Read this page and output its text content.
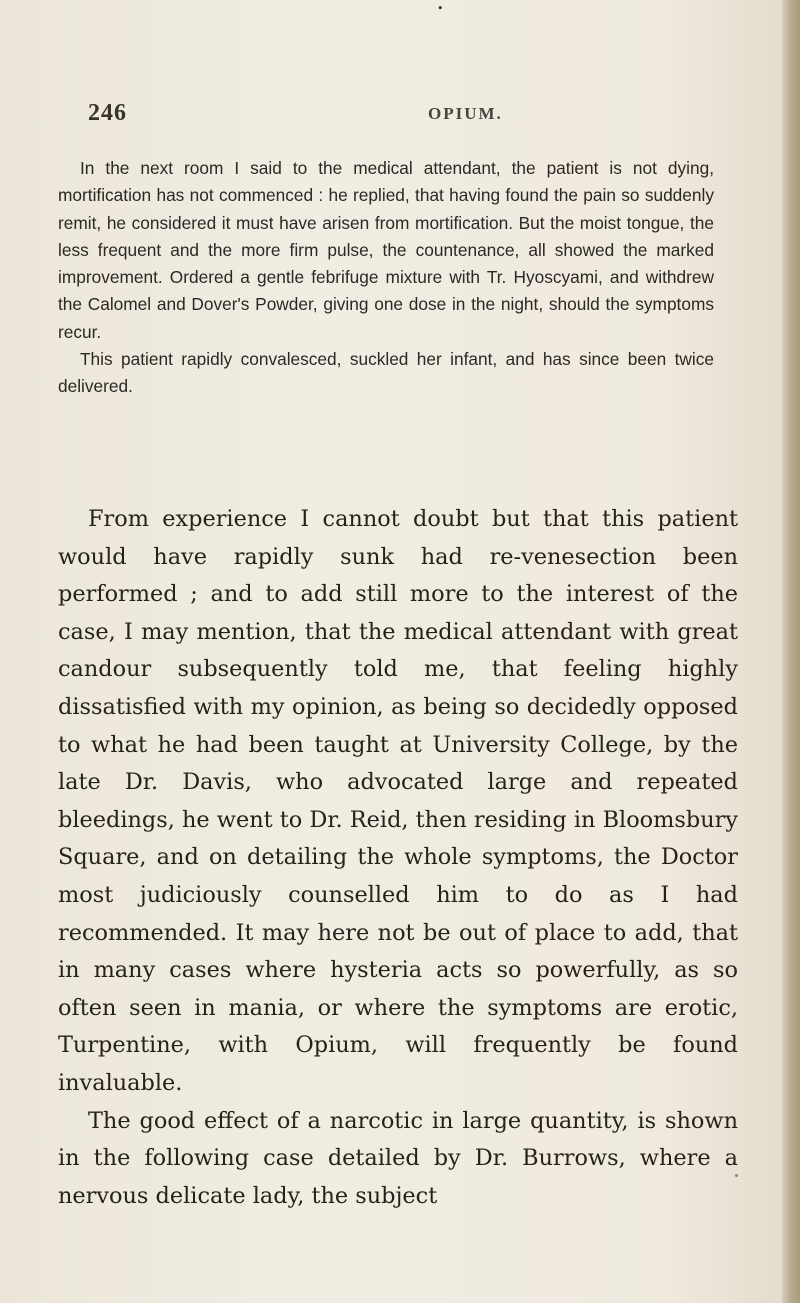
•
246	OPIUM.

In the next room I said to the medical attendant, the patient is not dying, mortification has not commenced : he replied, that having found the pain so suddenly remit, he considered it must have arisen from mortification. But the moist tongue, the less frequent and the more firm pulse, the countenance, all showed the marked improvement. Ordered a gentle febrifuge mixture with Tr. Hyoscyami, and withdrew the Calomel and Dover's Powder, giving one dose in the night, should the symptoms recur.

This patient rapidly convalesced, suckled her infant, and has since been twice delivered.

From experience I cannot doubt but that this patient would have rapidly sunk had re-venesection been performed ; and to add still more to the interest of the case, I may mention, that the medical attendant with great candour subsequently told me, that feeling highly dissatisfied with my opinion, as being so decidedly opposed to what he had been taught at University College, by the late Dr. Davis, who advocated large and repeated bleedings, he went to Dr. Reid, then residing in Bloomsbury Square, and on detailing the whole symptoms, the Doctor most judiciously counselled him to do as I had recommended. It may here not be out of place to add, that in many cases where hysteria acts so powerfully, as so often seen in mania, or where the symptoms are erotic, Turpentine, with Opium, will frequently be found invaluable.

The good effect of a narcotic in large quantity, is shown in the following case detailed by Dr. Burrows, where a nervous delicate lady, the subject
